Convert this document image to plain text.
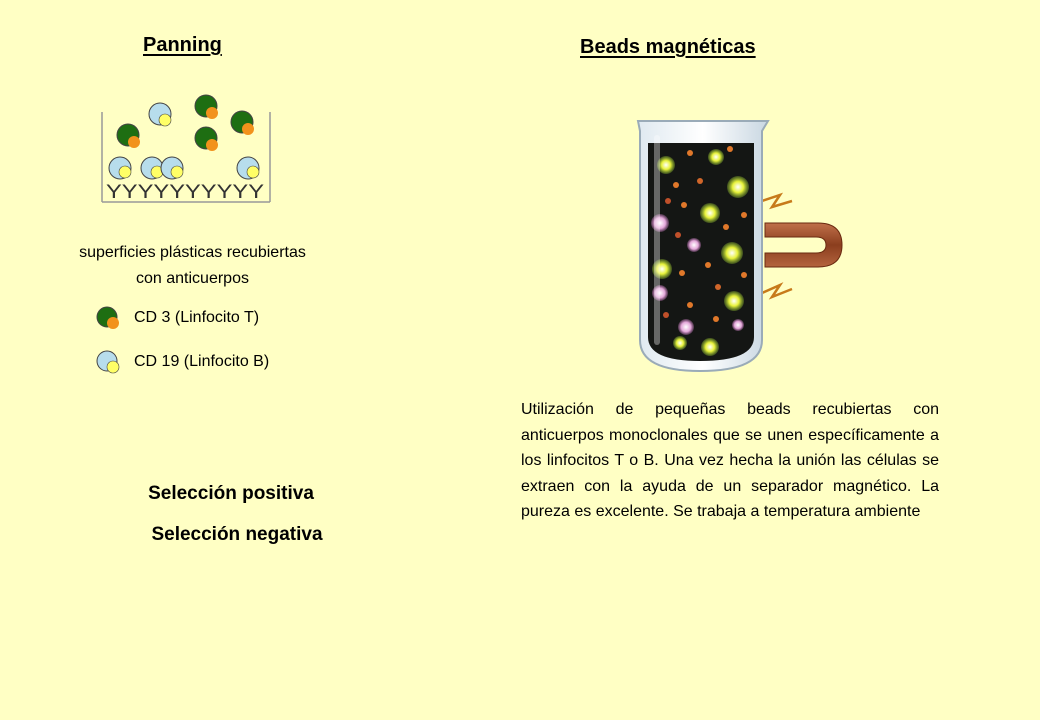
Panning	Beads magnéticas
YYYYYYYYYY
superficies plásticas recubiertas
con anticuerpos
CD 3 (Linfocito T)
CD 19 (Linfocito B)
Selección positiva
Selección negativa
Utilización de pequeñas beads recubiertas con anticuerpos monoclonales que se unen específicamente a los linfocitos T o B. Una vez hecha la unión las células se extraen con la ayuda de un separador magnético. La pureza es excelente. Se trabaja a temperatura ambiente
